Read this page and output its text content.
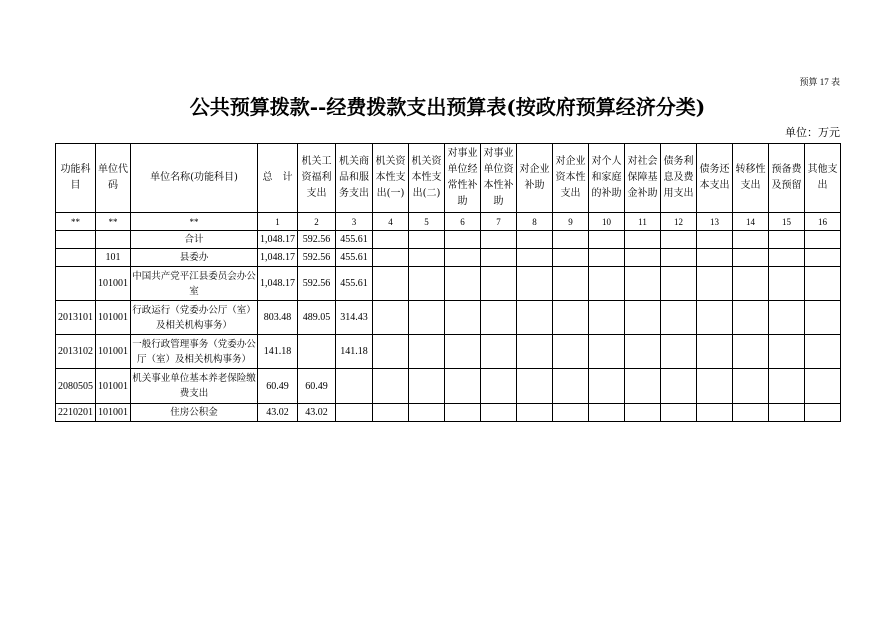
预算 17 表
公共预算拨款--经费拨款支出预算表(按政府预算经济分类)
单位：万元
功能科目	单位代码	单位名称(功能科目)	总　计	机关工资福利支出	机关商品和服务支出	机关资本性支出(一)	机关资本性支出(二)	对事业单位经常性补助	对事业单位资本性补助	对企业补助	对企业资本性支出	对个人和家庭的补助	对社会保障基金补助	债务利息及费用支出	债务还本支出	转移性支出	预备费及预留	其他支出
**	**	**	1	2	3	4	5	6	7	8	9	10	11	12	13	14	15	16
		合计	1,048.17	592.56	455.61													
	101	县委办	1,048.17	592.56	455.61													
	101001	中国共产党平江县委员会办公室	1,048.17	592.56	455.61													
2013101	101001	行政运行（党委办公厅（室）及相关机构事务）	803.48	489.05	314.43													
2013102	101001	一般行政管理事务（党委办公厅（室）及相关机构事务）	141.18		141.18													
2080505	101001	机关事业单位基本养老保险缴费支出	60.49	60.49														
2210201	101001	住房公积金	43.02	43.02														
